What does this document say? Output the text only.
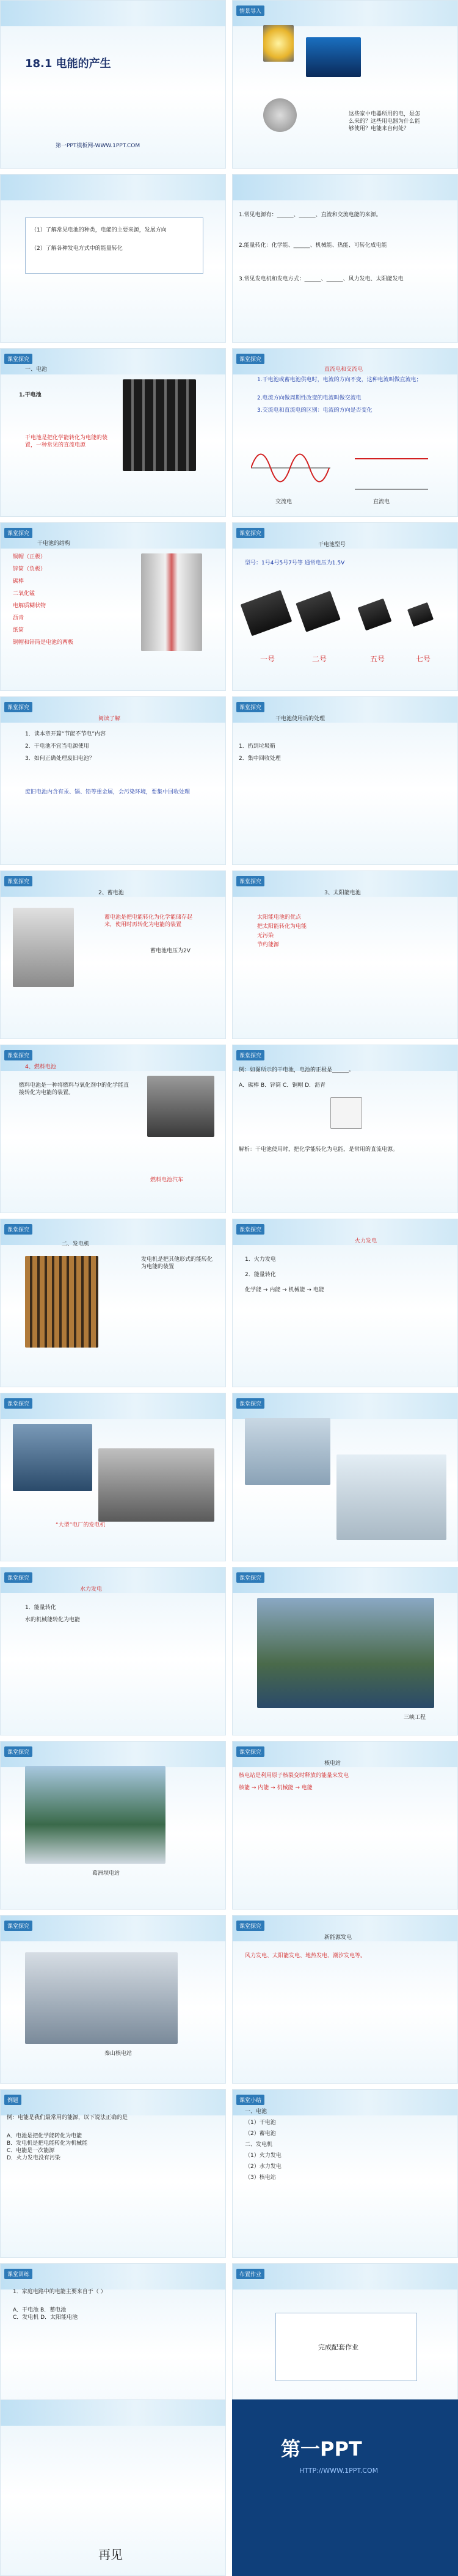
18.1 电能的产生
第一PPT模板网-WWW.1PPT.COM
情景导入
这些家中电器所用的电，是怎么来的？这些用电器为什么能够使用？电能来自何处？
（1）了解常见电池的种类，电能的主要来源，发展方向
（2）了解各种发电方式中的能量转化
1.常见电源有：______、______、直流和交流电能的来源。
2.能量转化：化学能、______、机械能、热能、可转化成电能
3.常见发电机和发电方式：______、______、风力发电、太阳能发电
课堂探究
一、电池
1.干电池
干电池是把化学能转化为电能的装置，一种常见的直流电源
课堂探究
直流电和交流电
1.干电池或蓄电池供电时，电流的方向不变，这种电流叫做直流电；
2.电流方向做周期性改变的电流叫做交流电
3.交流电和直流电的区别：电流的方向是否变化
交流电	直流电
课堂探究
干电池的结构
铜帽（正极）
锌筒（负极）
碳棒
二氧化锰
电解质糊状物
沥青
纸筒
铜帽和锌筒是电池的两极
课堂探究
干电池型号
型号：1号4号5号7号等 通常电压为1.5V
一号	二号	五号	七号
课堂探究
阅读了解
1．读本章开篇“节能不节电”内容
2．干电池不宜当电源使用
3．如何正确处理废旧电池？
废旧电池内含有汞、镉、铅等重金属，会污染环境，要集中回收处理
课堂探究
干电池使用后的处理
1．扔到垃圾箱
2．集中回收处理
课堂探究
2、蓄电池
蓄电池是把电能转化为化学能储存起来，使用时再转化为电能的装置
蓄电池电压为2V
课堂探究
3、太阳能电池
太阳能电池的优点
把太阳能转化为电能
无污染
节约能源
课堂探究
4、燃料电池
燃料电池是一种将燃料与氧化剂中的化学能直接转化为电能的装置。
燃料电池汽车
课堂探究
例：如图所示的干电池，电池的正极是______。
A．碳棒 B．锌筒 C．铜帽 D．沥青
解析：干电池使用时，把化学能转化为电能，是常用的直流电源。
课堂探究
二、发电机
发电机是把其他形式的能转化为电能的装置
课堂探究
火力发电
1．火力发电
2．能量转化
化学能 → 内能 → 机械能 → 电能
课堂探究
“大型”电厂的发电机
课堂探究
课堂探究
水力发电
1．能量转化
水的机械能转化为电能
课堂探究
三峡工程
课堂探究
葛洲坝电站
课堂探究
核电站
核电站是利用原子核裂变时释放的能量来发电
核能 → 内能 → 机械能 → 电能
课堂探究
秦山核电站
课堂探究
新能源发电
风力发电、太阳能发电、地热发电、潮汐发电等。
例题
例：电能是我们最常用的能源，以下说法正确的是
A．电池是把化学能转化为电能
B．发电机是把电能转化为机械能
C．电能是一次能源
D．火力发电没有污染
课堂小结
一、电池
（1）干电池
（2）蓄电池
二、发电机
（1）火力发电
（2）水力发电
（3）核电站
课堂训练
1．家庭电路中的电能主要来自于（ ）
A．干电池 B．蓄电池
C．发电机 D．太阳能电池
布置作业
完成配套作业
再见
第一PPT
HTTP://WWW.1PPT.COM
